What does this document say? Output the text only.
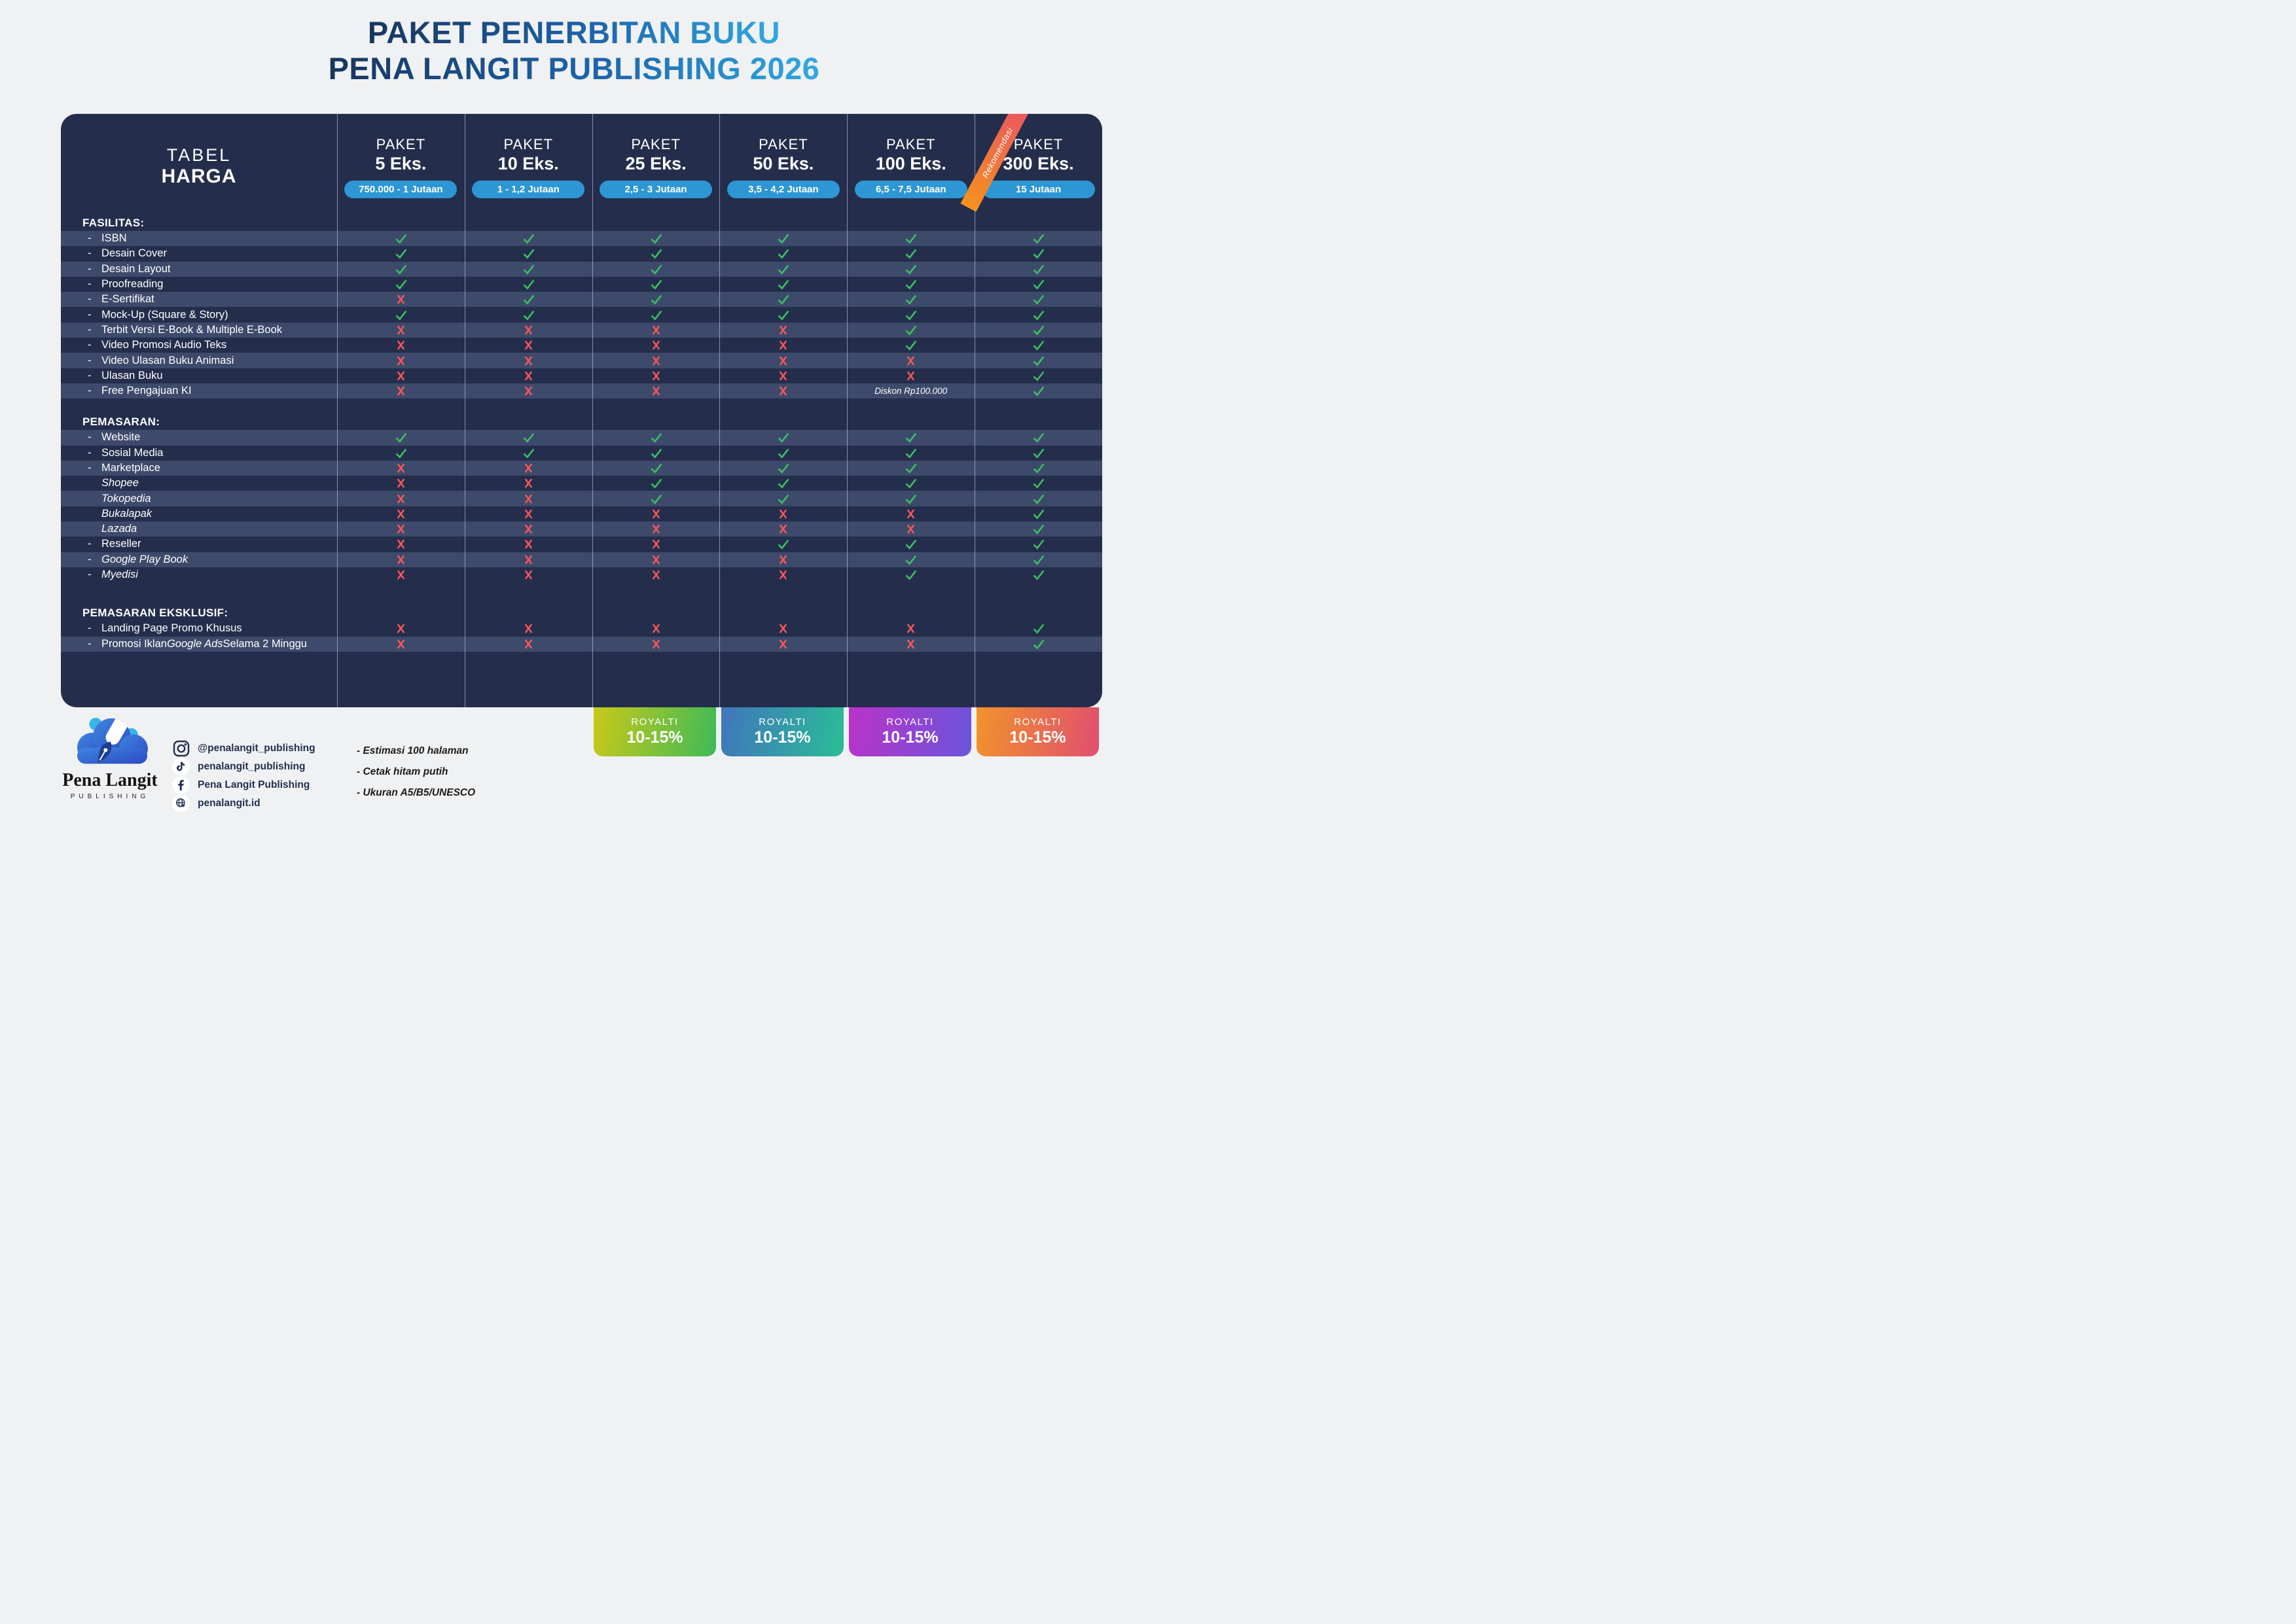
PAKET PENERBITAN BUKU
PENA LANGIT PUBLISHING 2026
Rekomendasi
TABEL
HARGA
PAKET
5 Eks.
750.000 - 1 Jutaan
PAKET
10 Eks.
1 - 1,2 Jutaan
PAKET
25 Eks.
2,5 - 3 Jutaan
PAKET
50 Eks.
3,5 - 4,2 Jutaan
PAKET
100 Eks.
6,5 - 7,5 Jutaan
PAKET
300 Eks.
15 Jutaan
FASILITAS:
- ISBN
- Desain Cover
- Desain Layout
- Proofreading
- E-Sertifikat
- Mock-Up (Square & Story)
- Terbit Versi E-Book & Multiple E-Book
- Video Promosi Audio Teks
- Video Ulasan Buku Animasi
- Ulasan Buku
- Free Pengajuan KI	Diskon Rp100.000
PEMASARAN:
- Website
- Sosial Media
- Marketplace
Shopee
Tokopedia
Bukalapak
Lazada
- Reseller
- Google Play Book
- Myedisi
PEMASARAN EKSKLUSIF:
- Landing Page Promo Khusus
- Promosi Iklan Google Ads Selama 2 Minggu
ROYALTI
10-15%
ROYALTI
10-15%
ROYALTI
10-15%
ROYALTI
10-15%
Pena Langit
PUBLISHING
@penalangit_publishing
penalangit_publishing
Pena Langit Publishing
penalangit.id
- Estimasi 100 halaman
- Cetak hitam putih
- Ukuran A5/B5/UNESCO
